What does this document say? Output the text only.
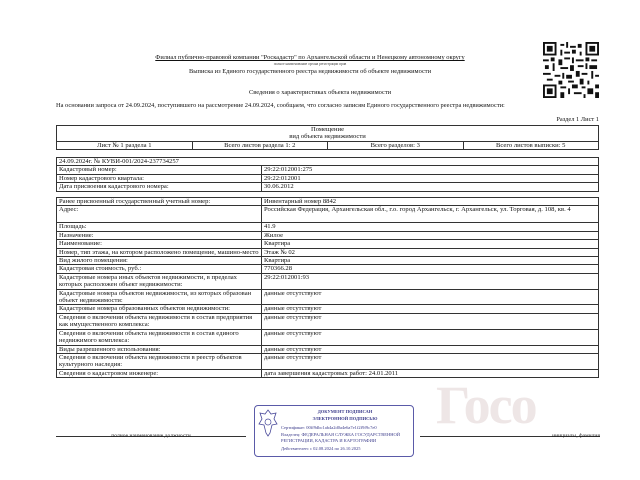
Филиал публично-правовой компании "Роскадастр" по Архангельской области и Ненецкому автономному округу
полное наименование органа регистрации прав
Выписка из Единого государственного реестра недвижимости об объекте недвижимости
Сведения о характеристиках объекта недвижимости
На основании запроса от 24.09.2024, поступившего на рассмотрение 24.09.2024, сообщаем, что согласно записям Единого государственного реестра недвижимости:
Раздел 1 Лист 1
Помещение
вид объекта недвижимости
Лист № 1 раздела 1	Всего листов раздела 1: 2	Всего разделов: 3	Всего листов выписки: 5
24.09.2024г. № КУВИ-001/2024-237734257	
Кадастровый номер:	29:22:012001:275
Номер кадастрового квартала:	29:22:012001
Дата присвоения кадастрового номера:	30.06.2012
Ранее присвоенный государственный учетный номер:	Инвентарный номер 8842
Адрес:	Российская Федерация, Архангельская обл., г.о. город Архангельск, г. Архангельск, ул. Торговая, д. 108, кв. 4
Площадь:	41.9
Назначение:	Жилое
Наименование:	Квартира
Номер, тип этажа, на котором расположено помещение, машино-место	Этаж № 02
Вид жилого помещения:	Квартира
Кадастровая стоимость, руб.:	770366.28
Кадастровые номера иных объектов недвижимости, в пределах которых расположен объект недвижимости:	29:22:012001:93
Кадастровые номера объектов недвижимости, из которых образован объект недвижимости:	данные отсутствуют
Кадастровые номера образованных объектов недвижимости:	данные отсутствуют
Сведения о включении объекта недвижимости в состав предприятия как имущественного комплекса:	данные отсутствуют
Сведения о включении объекта недвижимости в состав единого недвижимого комплекса:	данные отсутствуют
Виды разрешенного использования:	данные отсутствуют
Сведения о включении объекта недвижимости в реестр объектов культурного наследия:	данные отсутствуют
Сведения о кадастровом инженере:	дата завершения кадастровых работ: 24.01.2011
Госо
полное наименование должности	инициалы, фамилия
ДОКУМЕНТ ПОДПИСАН
ЭЛЕКТРОННОЙ ПОДПИСЬЮ
Сертификат: 00ff9dbc1ab4a2d0a4e6a7e1f2f9f9c7e0
Владелец: ФЕДЕРАЛЬНАЯ СЛУЖБА ГОСУДАРСТВЕННОЙ
РЕГИСТРАЦИИ, КАДАСТРА И КАРТОГРАФИИ
Действителен: с 02.08.2024 по 26.10.2025
